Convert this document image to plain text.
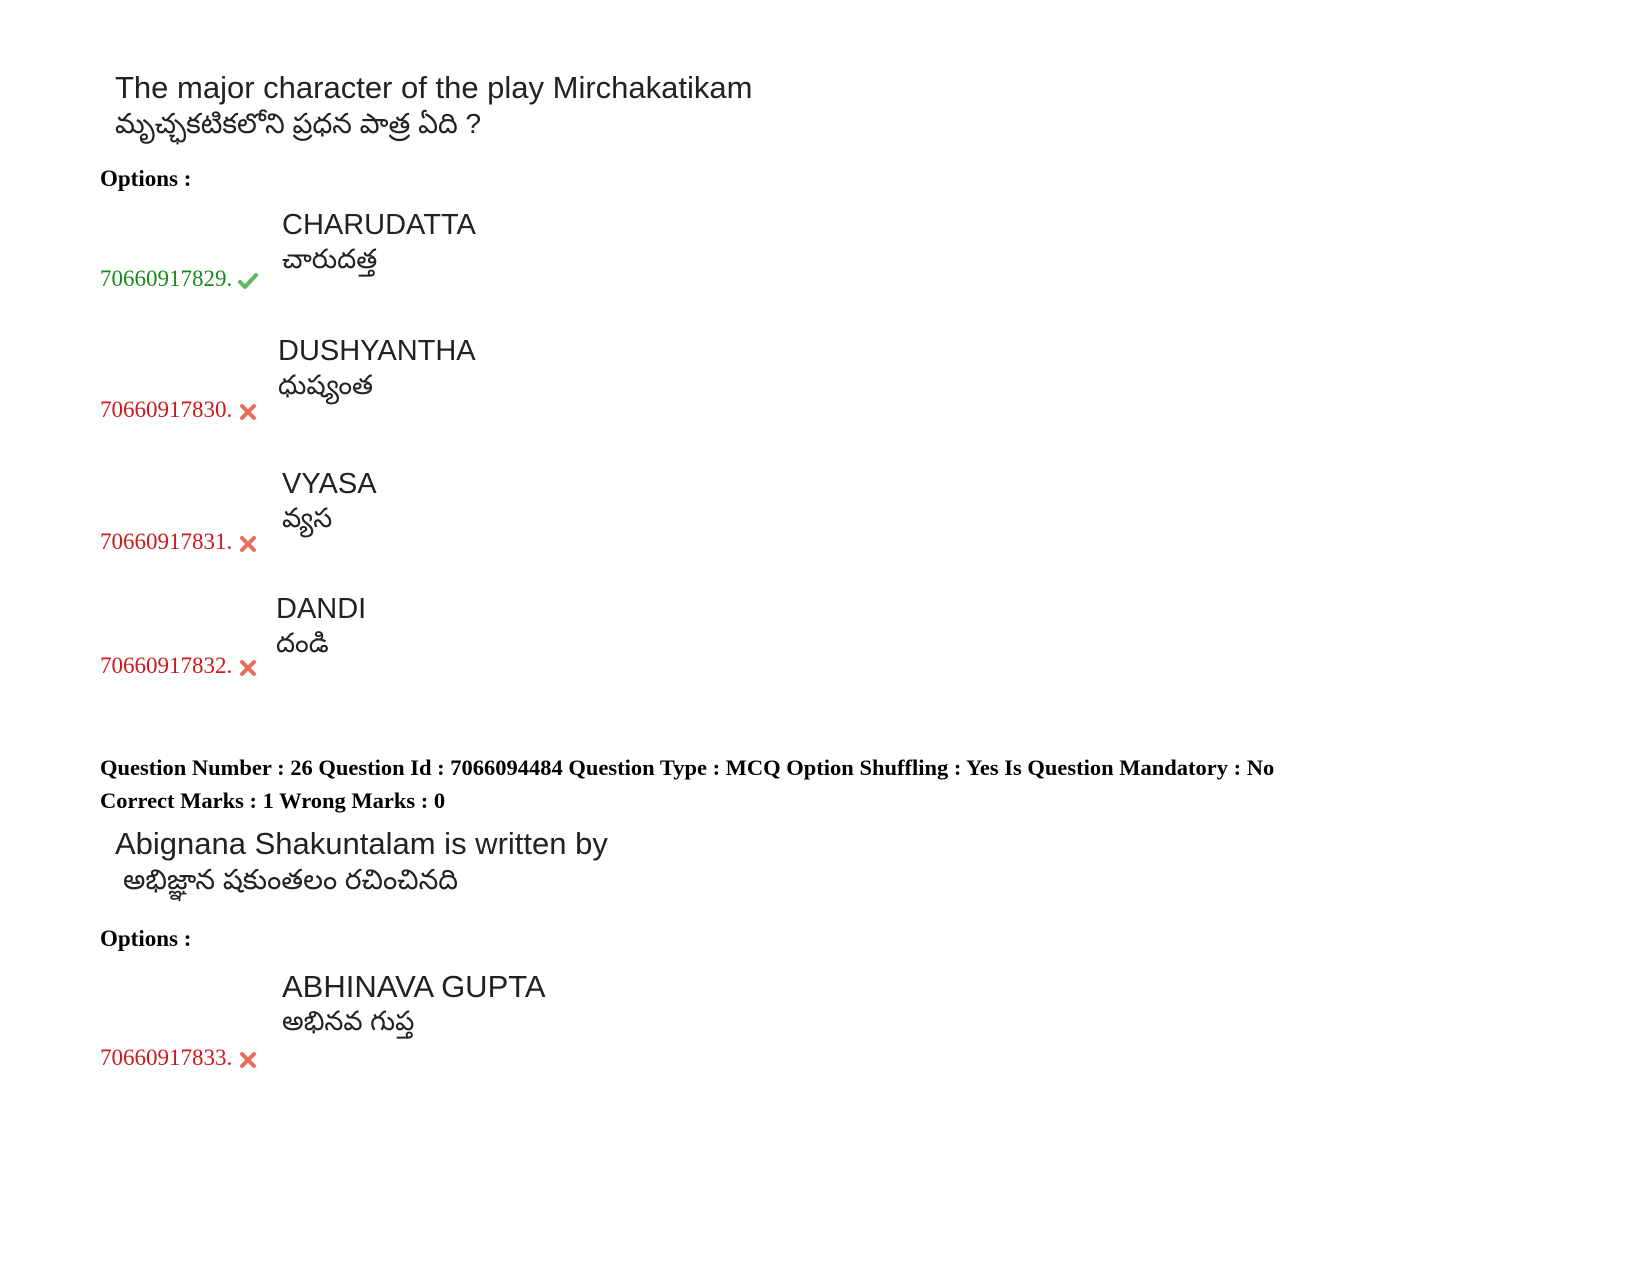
The major character of the play Mirchakatikam
మృచ్ఛకటికలోని ప్రధన పాత్ర ఏది ?
Options :
70660917829.
CHARUDATTA
చారుదత్త
70660917830.
DUSHYANTHA
ధుష్యంత
70660917831.
VYASA
వ్యస
70660917832.
DANDI
దండి
Question Number : 26 Question Id : 7066094484 Question Type : MCQ Option Shuffling : Yes Is Question Mandatory : No
Correct Marks : 1 Wrong Marks : 0
Abignana Shakuntalam is written by
అభిజ్ఞాన షకుంతలం రచించినది
Options :
70660917833.
ABHINAVA GUPTA
అభినవ గుప్త
